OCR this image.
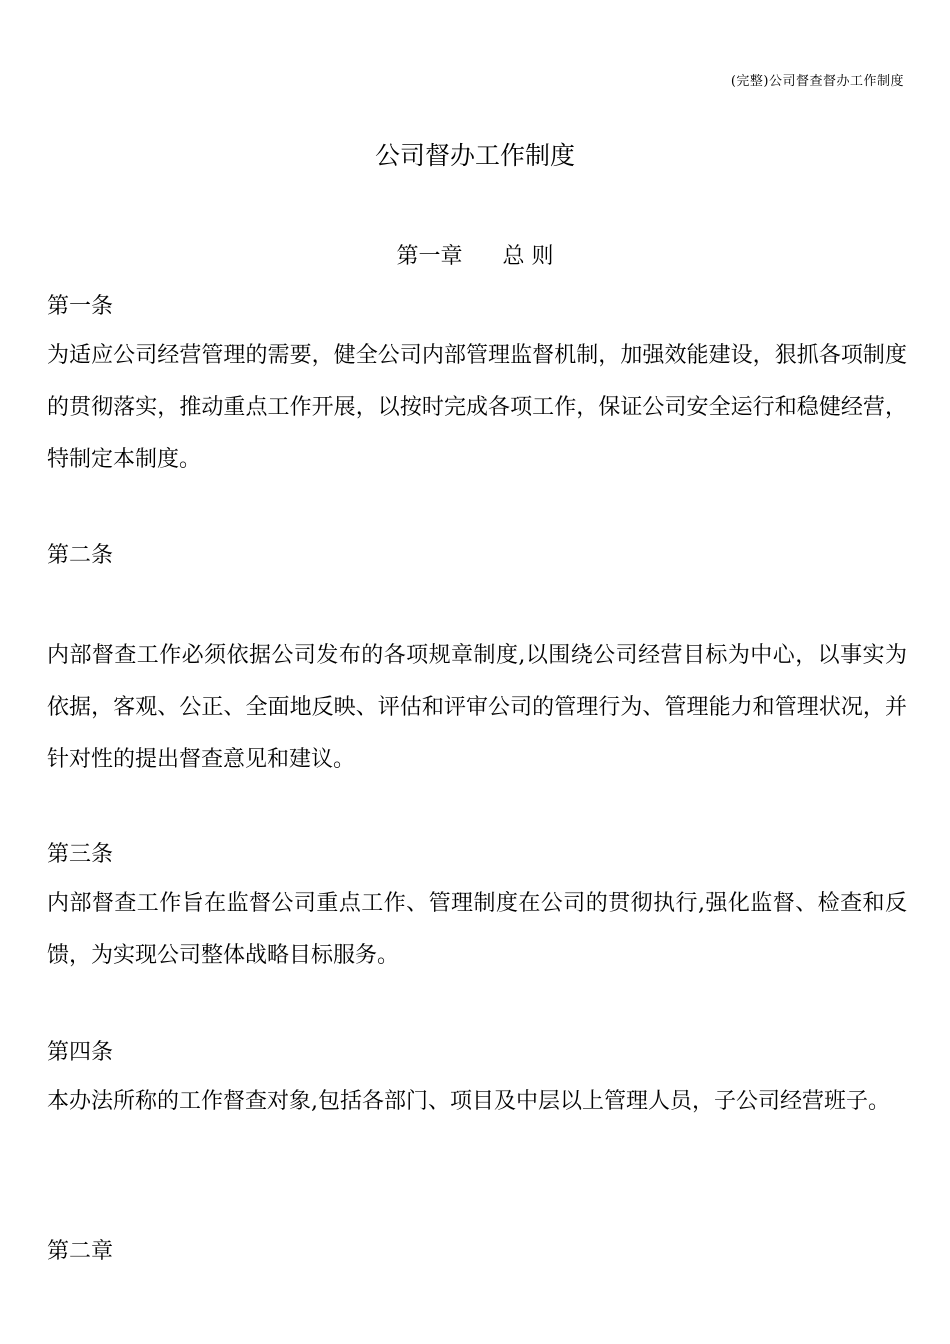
(完整)公司督查督办工作制度
公司督办工作制度
第一章 总 则
第一条
为适应公司经营管理的需要，健全公司内部管理监督机制，加强效能建设，狠抓各项制度的贯彻落实，推动重点工作开展，以按时完成各项工作，保证公司安全运行和稳健经营，特制定本制度。
第二条
内部督查工作必须依据公司发布的各项规章制度,以围绕公司经营目标为中心，以事实为依据，客观、公正、全面地反映、评估和评审公司的管理行为、管理能力和管理状况，并针对性的提出督查意见和建议。
第三条
内部督查工作旨在监督公司重点工作、管理制度在公司的贯彻执行,强化监督、检查和反馈，为实现公司整体战略目标服务。
第四条
本办法所称的工作督查对象,包括各部门、项目及中层以上管理人员，子公司经营班子。
第二章
